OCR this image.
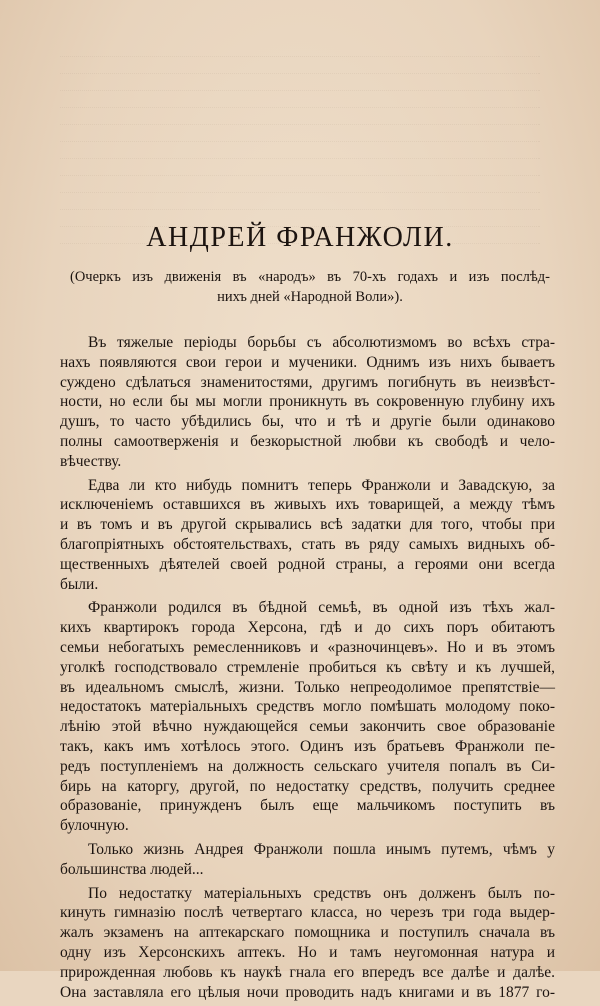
АНДРЕЙ ФРАНЖОЛИ.

(Очеркъ изъ движенія въ «народъ» въ 70-хъ годахъ и изъ послѣд-
нихъ дней «Народной Воли»).

Въ тяжелые періоды борьбы съ абсолютизмомъ во всѣхъ стра-
нахъ появляются свои герои и мученики. Однимъ изъ нихъ бываетъ
суждено сдѣлаться знаменитостями, другимъ погибнуть въ неизвѣст-
ности, но если бы мы могли проникнуть въ сокровенную глубину ихъ
душъ, то часто убѣдились бы, что и тѣ и другіе были одинаково
полны самоотверженія и безкорыстной любви къ свободѣ и чело-
вѣчеству.

Едва ли кто нибудь помнитъ теперь Франжоли и Завадскую, за
исключеніемъ оставшихся въ живыхъ ихъ товарищей, а между тѣмъ
и въ томъ и въ другой скрывались всѣ задатки для того, чтобы при
благопріятныхъ обстоятельствахъ, стать въ ряду самыхъ видныхъ об-
щественныхъ дѣятелей своей родной страны, а героями они всегда
были.

Франжоли родился въ бѣдной семьѣ, въ одной изъ тѣхъ жал-
кихъ квартирокъ города Херсона, гдѣ и до сихъ поръ обитаютъ
семьи небогатыхъ ремесленниковъ и «разночинцевъ». Но и въ этомъ
уголкѣ господствовало стремленіе пробиться къ свѣту и къ лучшей,
въ идеальномъ смыслѣ, жизни. Только непреодолимое препятствіе—
недостатокъ матеріальныхъ средствъ могло помѣшать молодому поко-
лѣнію этой вѣчно нуждающейся семьи закончить свое образованіе
такъ, какъ имъ хотѣлось этого. Одинъ изъ братьевъ Франжоли пе-
редъ поступленіемъ на должность сельскаго учителя попалъ въ Си-
бирь на каторгу, другой, по недостатку средствъ, получить среднее
образованіе, принужденъ былъ еще мальчикомъ поступить въ
булочную.

Только жизнь Андрея Франжоли пошла инымъ путемъ, чѣмъ у
большинства людей...

По недостатку матеріальныхъ средствъ онъ долженъ былъ по-
кинуть гимназію послѣ четвертаго класса, но черезъ три года выдер-
жалъ экзаменъ на аптекарскаго помощника и поступилъ сначала въ
одну изъ Херсонскихъ аптекъ. Но и тамъ неугомонная натура и
прирожденная любовь къ наукѣ гнала его впередъ все далѣе и далѣе.
Она заставляла его цѣлыя ночи проводить надъ книгами и въ 1877 го-
